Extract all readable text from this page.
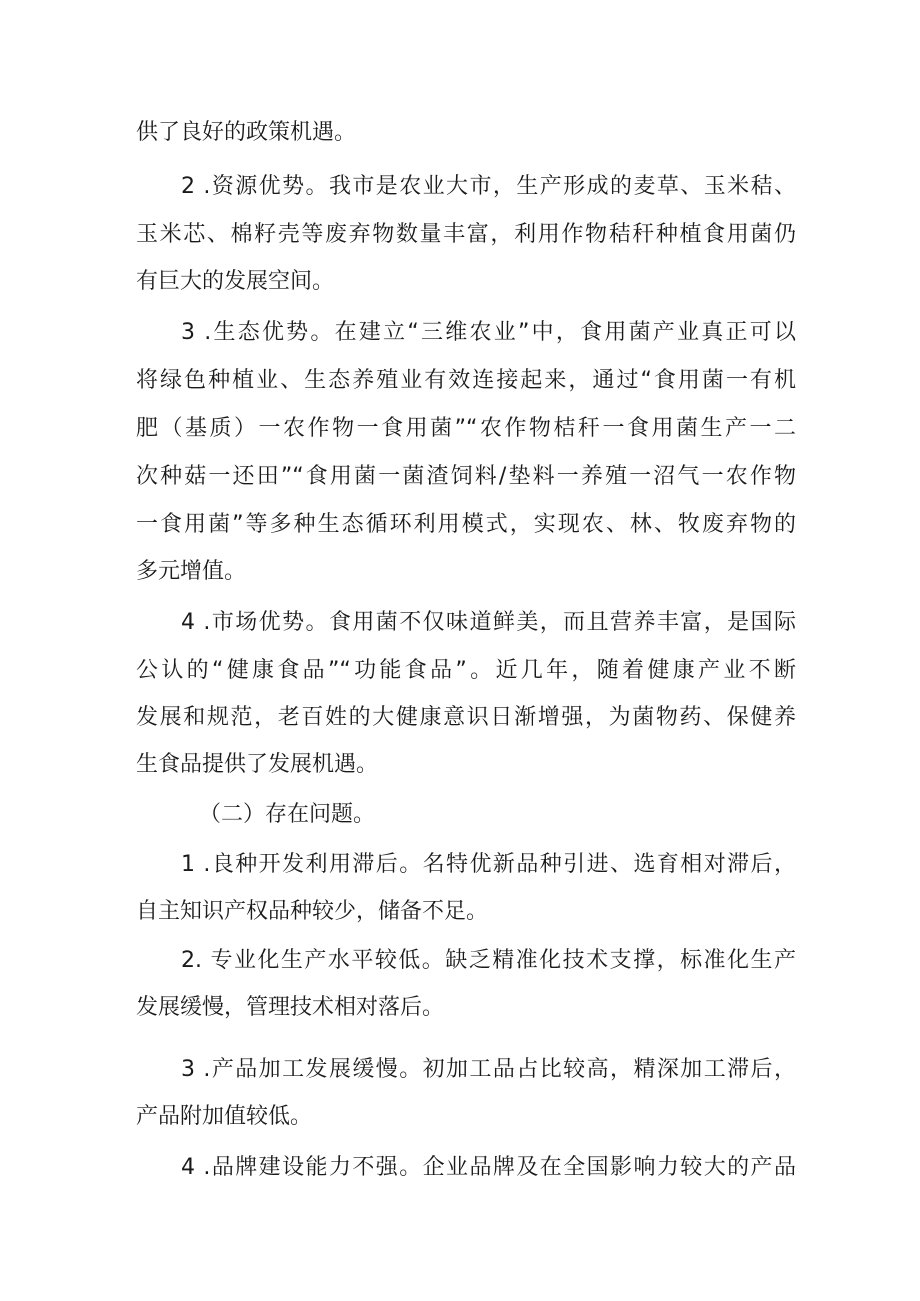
供了良好的政策机遇。
2 .资源优势。我市是农业大市，生产形成的麦草、玉米秸、
玉米芯、棉籽壳等废弃物数量丰富，利用作物秸秆种植食用菌仍
有巨大的发展空间。
3 .生态优势。在建立“三维农业”中，食用菌产业真正可以
将绿色种植业、生态养殖业有效连接起来，通过“食用菌一有机
肥（基质）一农作物一食用菌”“农作物桔秆一食用菌生产一二
次种菇一还田”“食用菌一菌渣饲料/垫料一养殖一沼气一农作物
一食用菌”等多种生态循环利用模式，实现农、林、牧废弃物的
多元增值。
4 .市场优势。食用菌不仅味道鲜美，而且营养丰富，是国际
公认的“健康食品”“功能食品”。近几年，随着健康产业不断
发展和规范，老百姓的大健康意识日渐增强，为菌物药、保健养
生食品提供了发展机遇。
（二）存在问题。
1 .良种开发利用滞后。名特优新品种引进、选育相对滞后，
自主知识产权品种较少，储备不足。
2. 专业化生产水平较低。缺乏精准化技术支撑，标准化生产
发展缓慢，管理技术相对落后。
3 .产品加工发展缓慢。初加工品占比较高，精深加工滞后，
产品附加值较低。
4 .品牌建设能力不强。企业品牌及在全国影响力较大的产品
